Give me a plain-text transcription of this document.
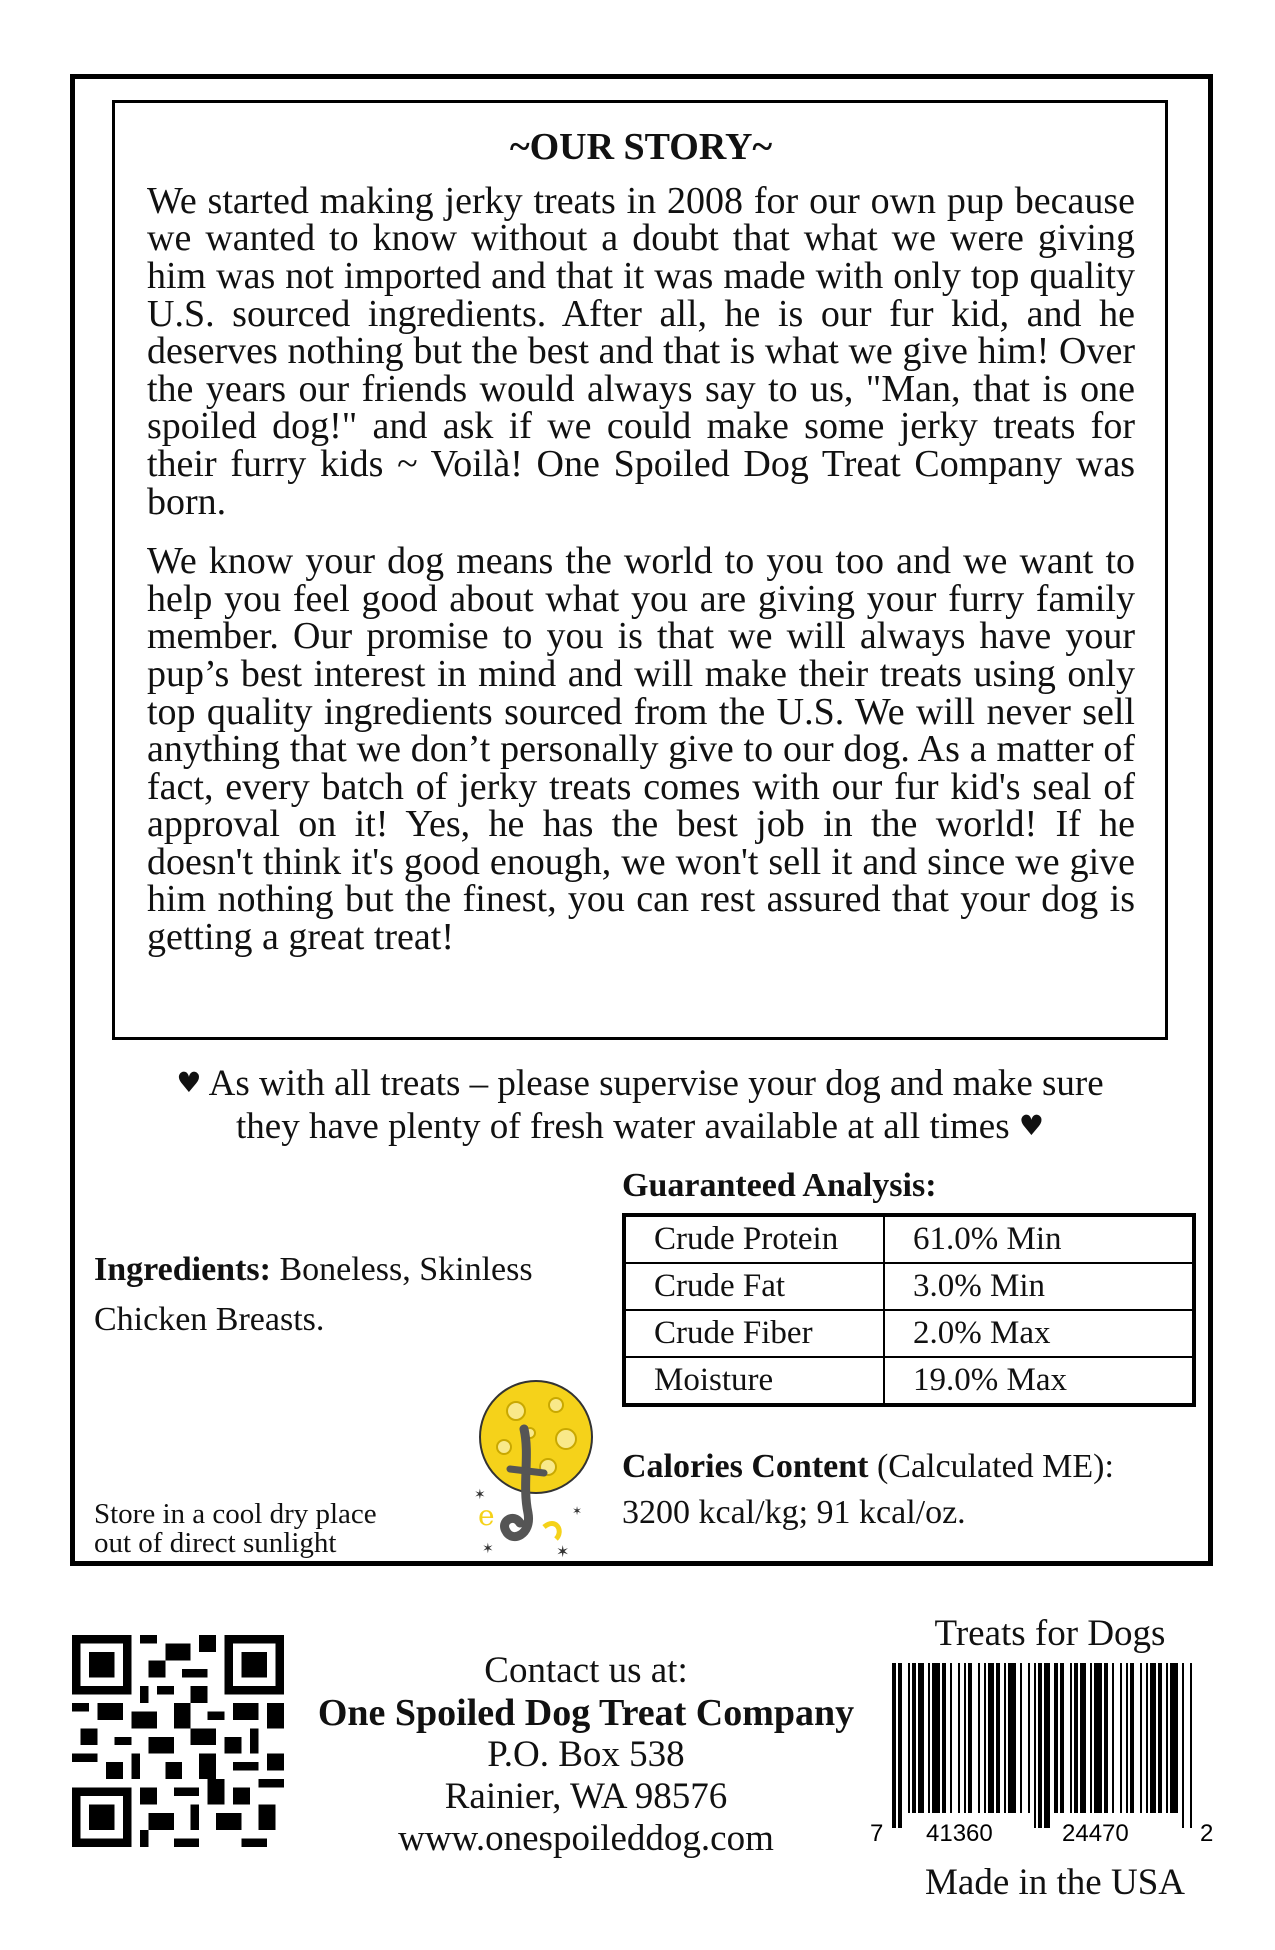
~OUR STORY~

We started making jerky treats in 2008 for our own pup because we wanted to know without a doubt that what we were giving him was not imported and that it was made with only top quality U.S. sourced ingredients. After all, he is our fur kid, and he deserves nothing but the best and that is what we give him! Over the years our friends would always say to us, "Man, that is one spoiled dog!" and ask if we could make some jerky treats for their furry kids ~ Voilà! One Spoiled Dog Treat Company was born.

We know your dog means the world to you too and we want to help you feel good about what you are giving your furry family member. Our promise to you is that we will always have your pup’s best interest in mind and will make their treats using only top quality ingredients sourced from the U.S. We will never sell anything that we don’t personally give to our dog. As a matter of fact, every batch of jerky treats comes with our fur kid's seal of approval on it! Yes, he has the best job in the world! If he doesn't think it's good enough, we won't sell it and since we give him nothing but the finest, you can rest assured that your dog is getting a great treat!

♥ As with all treats – please supervise your dog and make sure
they have plenty of fresh water available at all times ♥
Guaranteed Analysis:
Crude Protein	61.0% Min
Crude Fat	3.0% Min
Crude Fiber	2.0% Max
Moisture	19.0% Max
Ingredients: Boneless, Skinless Chicken Breasts.
Calories Content (Calculated ME):
3200 kcal/kg; 91 kcal/oz.
Store in a cool dry place
out of direct sunlight
e
✶
✶	✶
✶
Contact us at:
One Spoiled Dog Treat Company
P.O. Box 538
Rainier, WA 98576
www.onespoileddog.com
Treats for Dogs
7 41360	24470	2
Made in the USA
